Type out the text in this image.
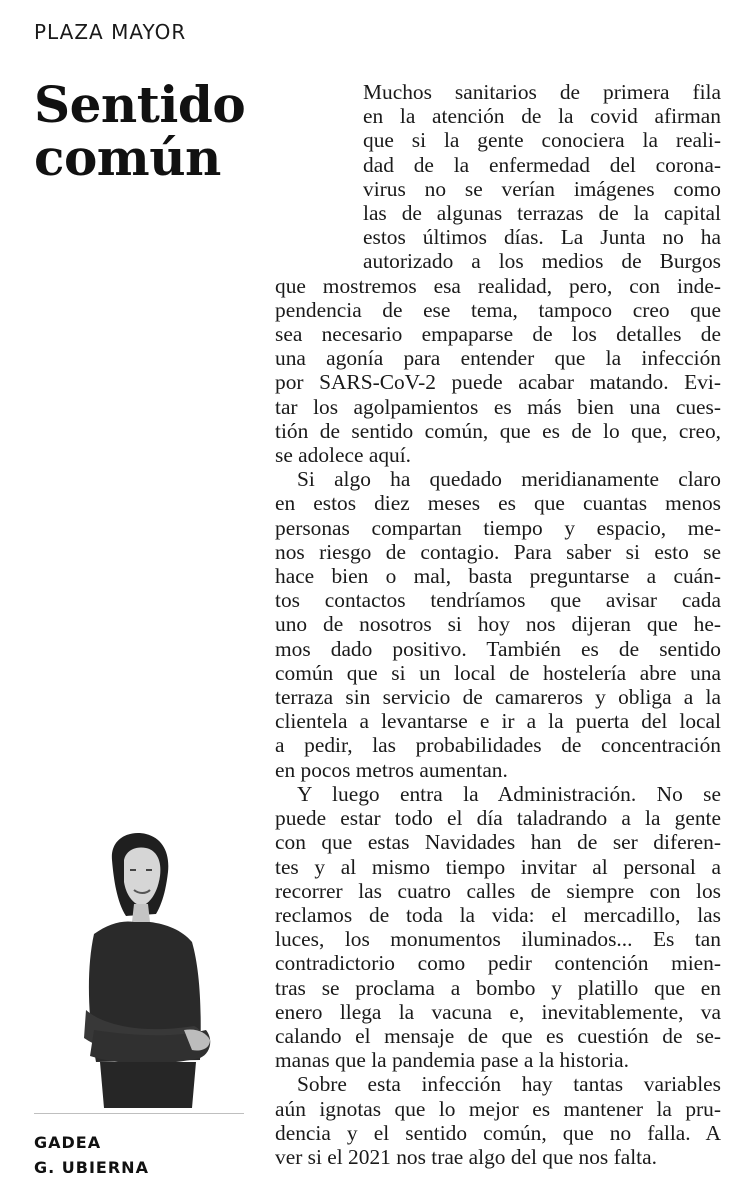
PLAZA MAYOR
Sentido
común
GADEA
G. UBIERNA

Muchos sanitarios de primera fila
en la atención de la covid afirman
que si la gente conociera la reali-
dad de la enfermedad del corona-
virus no se verían imágenes como
las de algunas terrazas de la capital
estos últimos días. La Junta no ha
autorizado a los medios de Burgos
que mostremos esa realidad, pero, con inde-
pendencia de ese tema, tampoco creo que
sea necesario empaparse de los detalles de
una agonía para entender que la infección
por SARS-CoV-2 puede acabar matando. Evi-
tar los agolpamientos es más bien una cues-
tión de sentido común, que es de lo que, creo,
se adolece aquí.

Si algo ha quedado meridianamente claro
en estos diez meses es que cuantas menos
personas compartan tiempo y espacio, me-
nos riesgo de contagio. Para saber si esto se
hace bien o mal, basta preguntarse a cuán-
tos contactos tendríamos que avisar cada
uno de nosotros si hoy nos dijeran que he-
mos dado positivo. También es de sentido
común que si un local de hostelería abre una
terraza sin servicio de camareros y obliga a la
clientela a levantarse e ir a la puerta del local
a pedir, las probabilidades de concentración
en pocos metros aumentan.

Y luego entra la Administración. No se
puede estar todo el día taladrando a la gente
con que estas Navidades han de ser diferen-
tes y al mismo tiempo invitar al personal a
recorrer las cuatro calles de siempre con los
reclamos de toda la vida: el mercadillo, las
luces, los monumentos iluminados... Es tan
contradictorio como pedir contención mien-
tras se proclama a bombo y platillo que en
enero llega la vacuna e, inevitablemente, va
calando el mensaje de que es cuestión de se-
manas que la pandemia pase a la historia.

Sobre esta infección hay tantas variables
aún ignotas que lo mejor es mantener la pru-
dencia y el sentido común, que no falla. A
ver si el 2021 nos trae algo del que nos falta.
